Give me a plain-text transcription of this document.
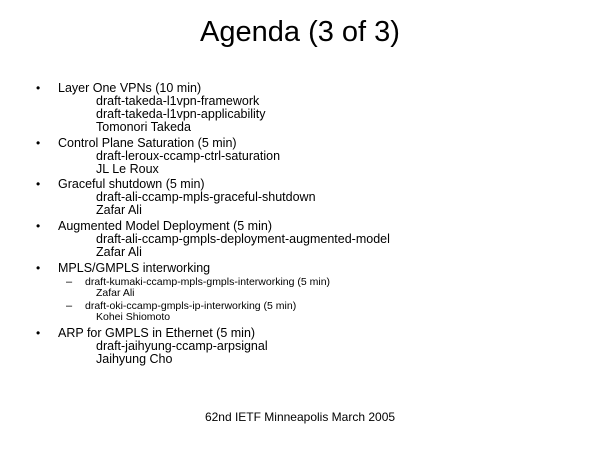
Agenda (3 of 3)
• Layer One VPNs (10 min)
draft-takeda-l1vpn-framework
draft-takeda-l1vpn-applicability
Tomonori Takeda
• Control Plane Saturation (5 min)
draft-leroux-ccamp-ctrl-saturation
JL Le Roux
• Graceful shutdown (5 min)
draft-ali-ccamp-mpls-graceful-shutdown
Zafar Ali
• Augmented Model Deployment (5 min)
draft-ali-ccamp-gmpls-deployment-augmented-model
Zafar Ali
• MPLS/GMPLS interworking
– draft-kumaki-ccamp-mpls-gmpls-interworking (5 min)
Zafar Ali
– draft-oki-ccamp-gmpls-ip-interworking (5 min)
Kohei Shiomoto
• ARP for GMPLS in Ethernet (5 min)
draft-jaihyung-ccamp-arpsignal
Jaihyung Cho
62nd IETF Minneapolis March 2005
